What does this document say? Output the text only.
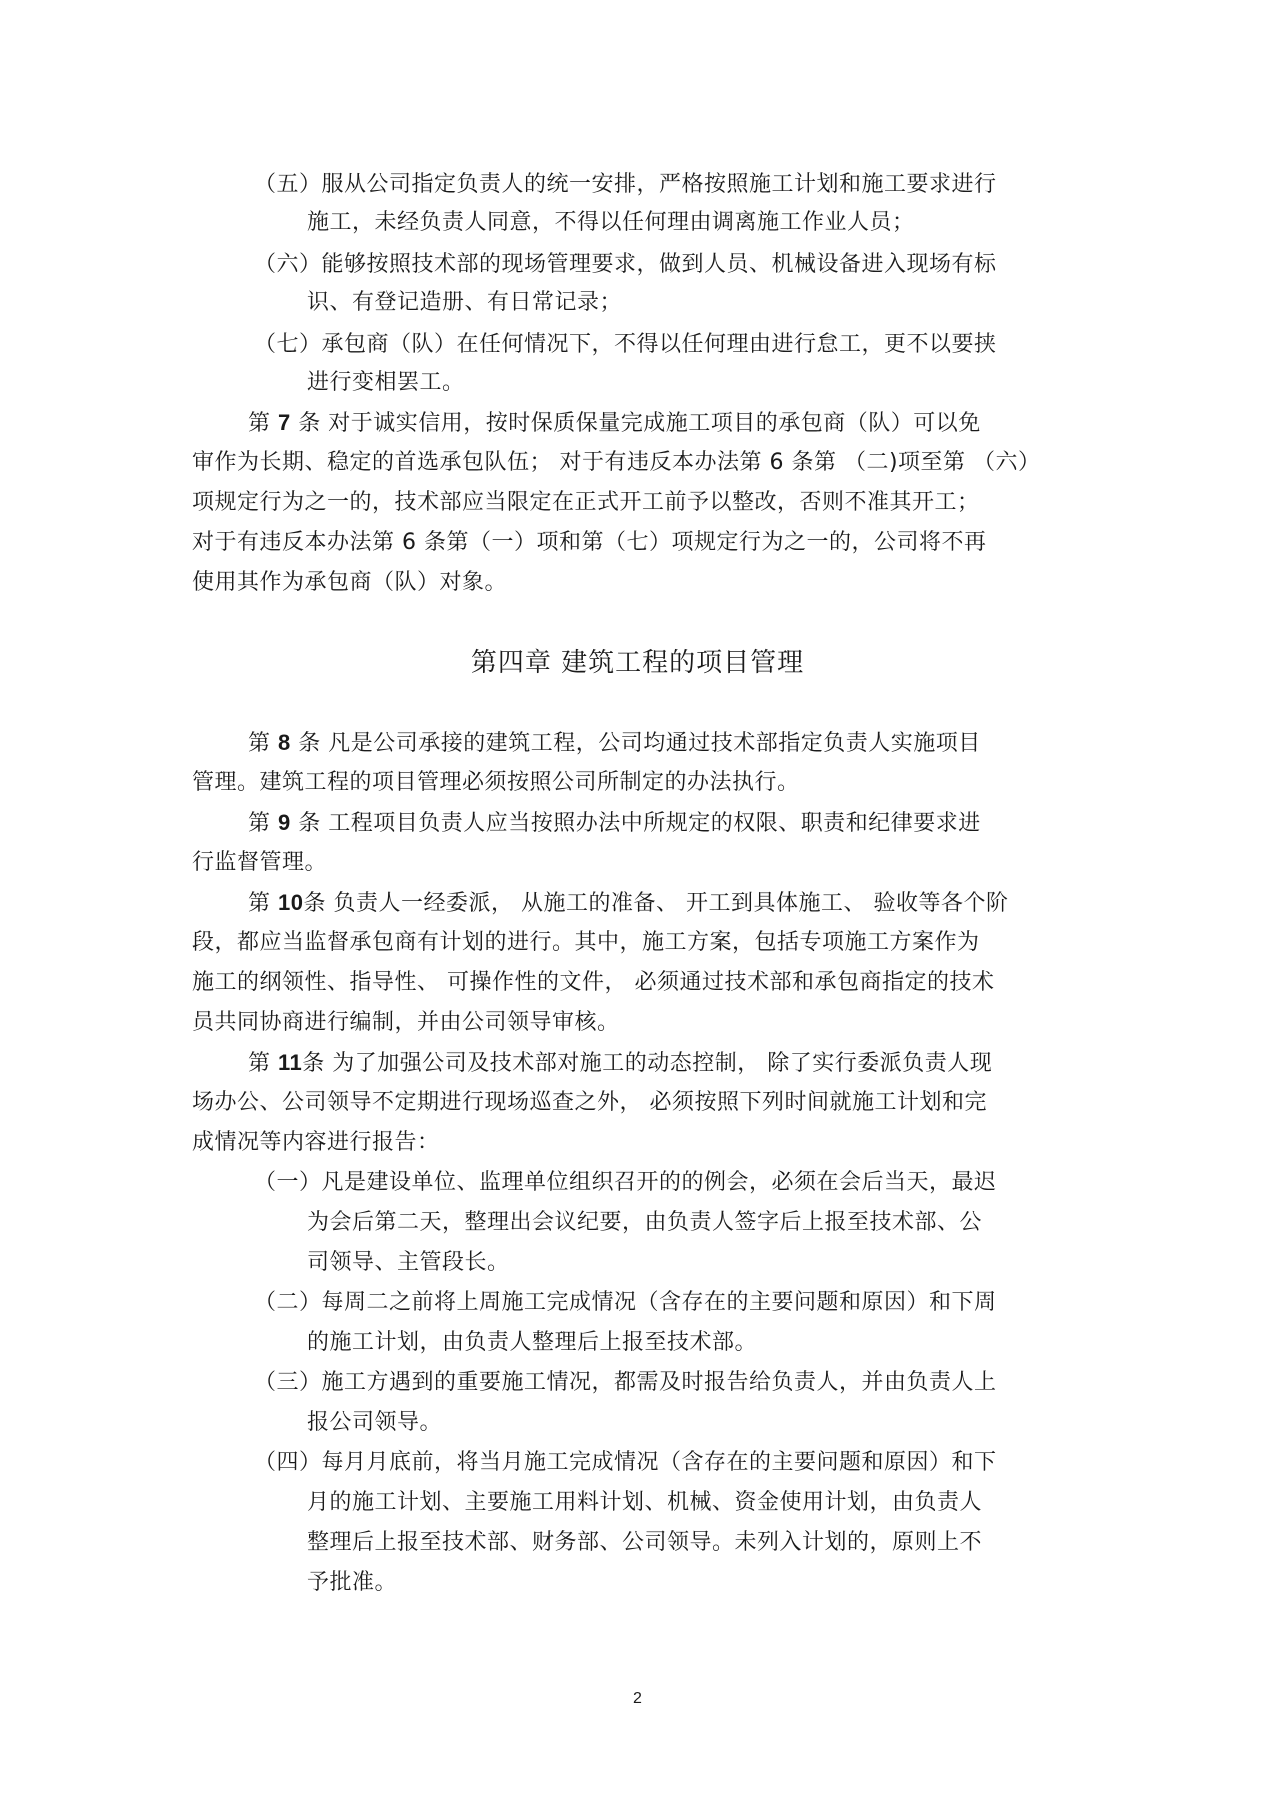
（五）服从公司指定负责人的统一安排，严格按照施工计划和施工要求进行
施工，未经负责人同意，不得以任何理由调离施工作业人员；
（六）能够按照技术部的现场管理要求，做到人员、机械设备进入现场有标
识、有登记造册、有日常记录；
（七）承包商（队）在任何情况下，不得以任何理由进行怠工，更不以要挟
进行变相罢工。
第 7 条 对于诚实信用，按时保质保量完成施工项目的承包商（队）可以免
审作为长期、稳定的首选承包队伍； 对于有违反本办法第 6 条第 （二)项至第 （六）
项规定行为之一的，技术部应当限定在正式开工前予以整改，否则不准其开工；
对于有违反本办法第 6 条第（一）项和第（七）项规定行为之一的，公司将不再
使用其作为承包商（队）对象。
第四章 建筑工程的项目管理
第 8 条 凡是公司承接的建筑工程，公司均通过技术部指定负责人实施项目
管理。建筑工程的项目管理必须按照公司所制定的办法执行。
第 9 条 工程项目负责人应当按照办法中所规定的权限、职责和纪律要求进
行监督管理。
第 10条 负责人一经委派， 从施工的准备、 开工到具体施工、 验收等各个阶
段，都应当监督承包商有计划的进行。其中，施工方案，包括专项施工方案作为
施工的纲领性、指导性、 可操作性的文件， 必须通过技术部和承包商指定的技术
员共同协商进行编制，并由公司领导审核。
第 11条 为了加强公司及技术部对施工的动态控制， 除了实行委派负责人现
场办公、公司领导不定期进行现场巡查之外， 必须按照下列时间就施工计划和完
成情况等内容进行报告：
（一）凡是建设单位、监理单位组织召开的的例会，必须在会后当天，最迟
为会后第二天，整理出会议纪要，由负责人签字后上报至技术部、公
司领导、主管段长。
（二）每周二之前将上周施工完成情况（含存在的主要问题和原因）和下周
的施工计划，由负责人整理后上报至技术部。
（三）施工方遇到的重要施工情况，都需及时报告给负责人，并由负责人上
报公司领导。
（四）每月月底前，将当月施工完成情况（含存在的主要问题和原因）和下
月的施工计划、主要施工用料计划、机械、资金使用计划，由负责人
整理后上报至技术部、财务部、公司领导。未列入计划的，原则上不
予批准。
2
